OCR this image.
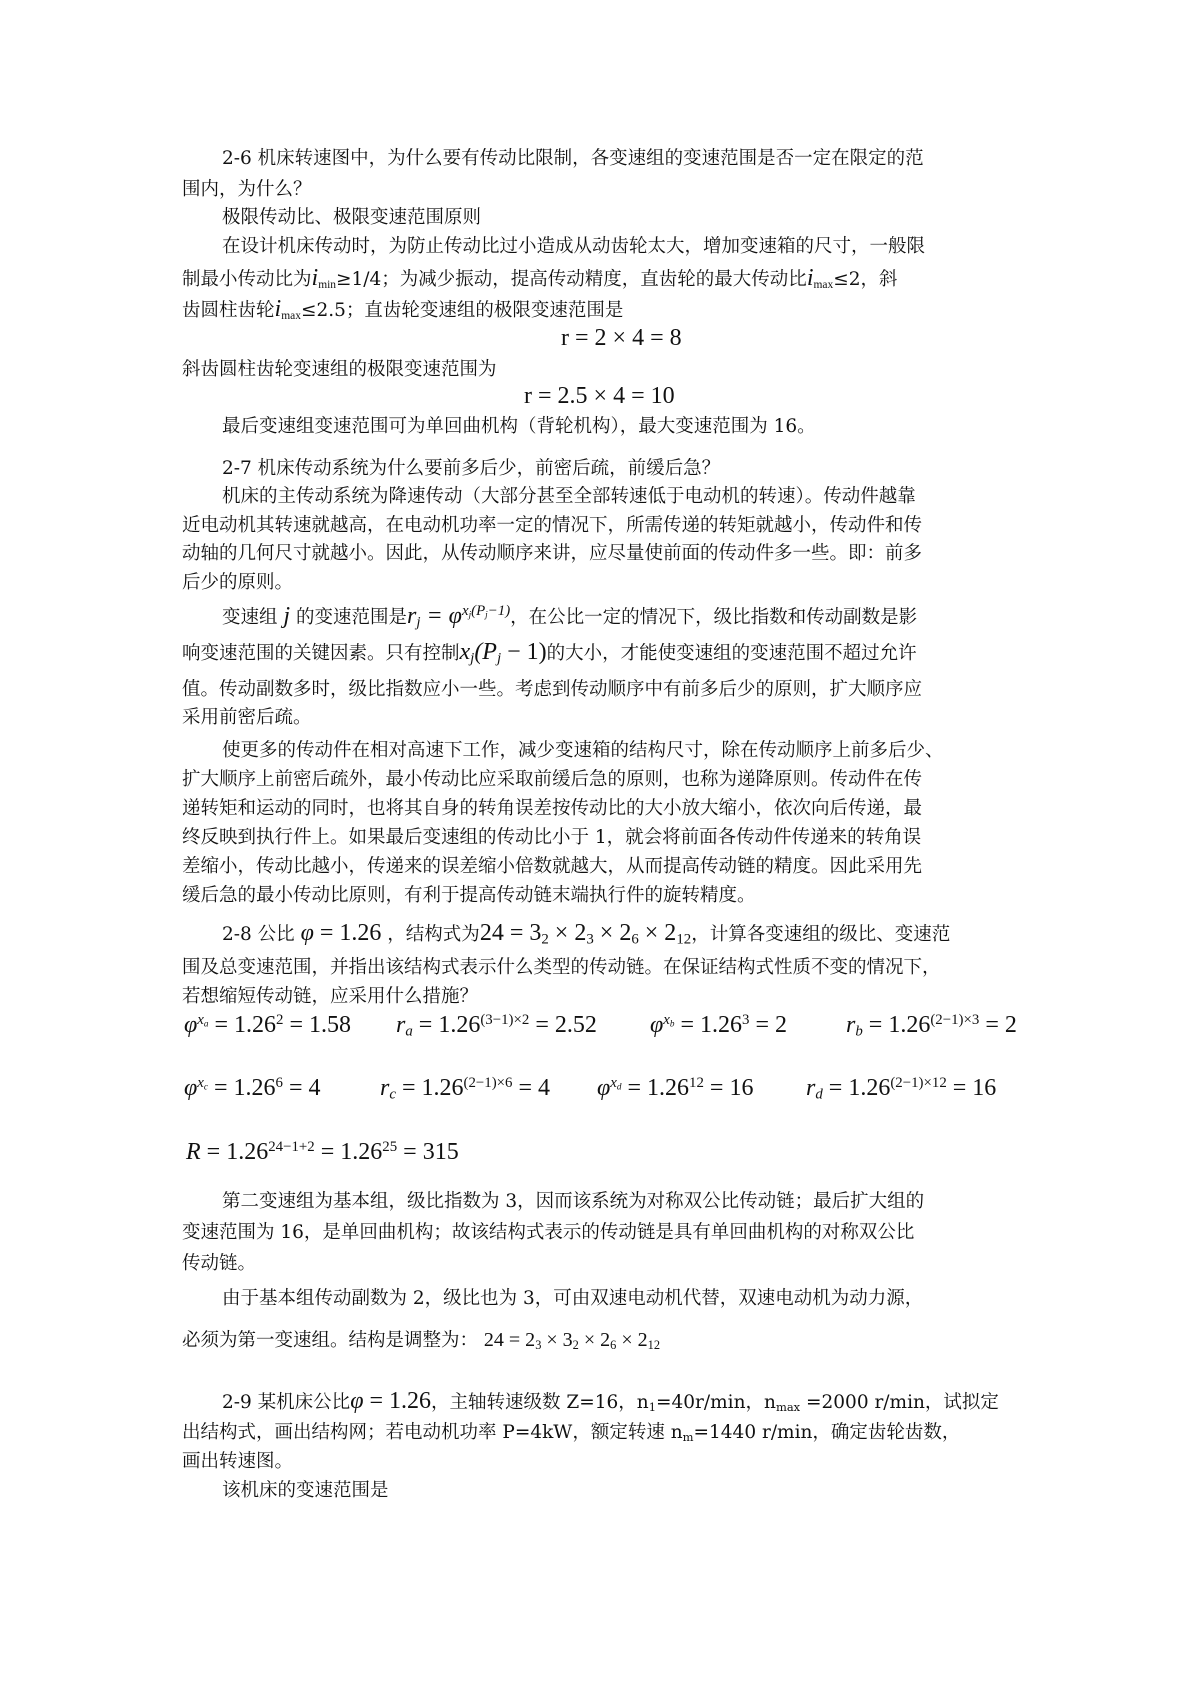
2-6 机床转速图中，为什么要有传动比限制，各变速组的变速范围是否一定在限定的范
围内，为什么？
极限传动比、极限变速范围原则
在设计机床传动时，为防止传动比过小造成从动齿轮太大，增加变速箱的尺寸，一般限
制最小传动比为$i_{min}\ge 1/4$；为减少振动，提高传动精度，直齿轮的最大传动比$i_{max}\le 2$，斜
齿圆柱齿轮$i_{max}\le 2.5$；直齿轮变速组的极限变速范围是
r = 2 × 4 = 8
斜齿圆柱齿轮变速组的极限变速范围为
r = 2.5 × 4 = 10
最后变速组变速范围可为单回曲机构（背轮机构），最大变速范围为 16。
2-7 机床传动系统为什么要前多后少，前密后疏，前缓后急？
机床的主传动系统为降速传动（大部分甚至全部转速低于电动机的转速）。传动件越靠
近电动机其转速就越高，在电动机功率一定的情况下，所需传递的转矩就越小，传动件和传
动轴的几何尺寸就越小。因此，从传动顺序来讲，应尽量使前面的传动件多一些。即：前多
后少的原则。
变速组 j 的变速范围是$r_j = \varphi^{x_j(P_j-1)}$，在公比一定的情况下，级比指数和传动副数是影
响变速范围的关键因素。只有控制$x_j(P_j - 1)$的大小，才能使变速组的变速范围不超过允许
值。传动副数多时，级比指数应小一些。考虑到传动顺序中有前多后少的原则，扩大顺序应
采用前密后疏。
使更多的传动件在相对高速下工作，减少变速箱的结构尺寸，除在传动顺序上前多后少、
扩大顺序上前密后疏外，最小传动比应采取前缓后急的原则，也称为递降原则。传动件在传
递转矩和运动的同时，也将其自身的转角误差按传动比的大小放大缩小，依次向后传递，最
终反映到执行件上。如果最后变速组的传动比小于 1，就会将前面各传动件传递来的转角误
差缩小，传动比越小，传递来的误差缩小倍数就越大，从而提高传动链的精度。因此采用先
缓后急的最小传动比原则，有利于提高传动链末端执行件的旋转精度。
2-8 公比 φ = 1.26 ，结构式为$24 = 3_2 \times 2_3 \times 2_6 \times 2_{12}$，计算各变速组的级比、变速范
围及总变速范围，并指出该结构式表示什么类型的传动链。在保证结构式性质不变的情况下，
若想缩短传动链，应采用什么措施？
$\varphi^{x_a} = 1.26^2 = 1.58$ $r_a = 1.26^{(3-1)\times 2} = 2.52$ $\varphi^{x_b} = 1.26^3 = 2$ $r_b = 1.26^{(2-1)\times 3} = 2$
$\varphi^{x_c} = 1.26^6 = 4$ $r_c = 1.26^{(2-1)\times 6} = 4$ $\varphi^{x_d} = 1.26^{12} = 16$ $r_d = 1.26^{(2-1)\times 12} = 16$
$R = 1.26^{24-1+2} = 1.26^{25} = 315$
第二变速组为基本组，级比指数为 3，因而该系统为对称双公比传动链；最后扩大组的
变速范围为 16，是单回曲机构；故该结构式表示的传动链是具有单回曲机构的对称双公比
传动链。
由于基本组传动副数为 2，级比也为 3，可由双速电动机代替，双速电动机为动力源，
必须为第一变速组。结构是调整为： $24 = 2_3 \times 3_2 \times 2_6 \times 2_{12}$
2-9 某机床公比φ = 1.26，主轴转速级数 Z=16，$n_1=40r/\min$，$n_{max} =2000$ r/min，试拟定
出结构式，画出结构网；若电动机功率 P=4kW，额定转速 $n_m=1440$ r/min，确定齿轮齿数，
画出转速图。
该机床的变速范围是
